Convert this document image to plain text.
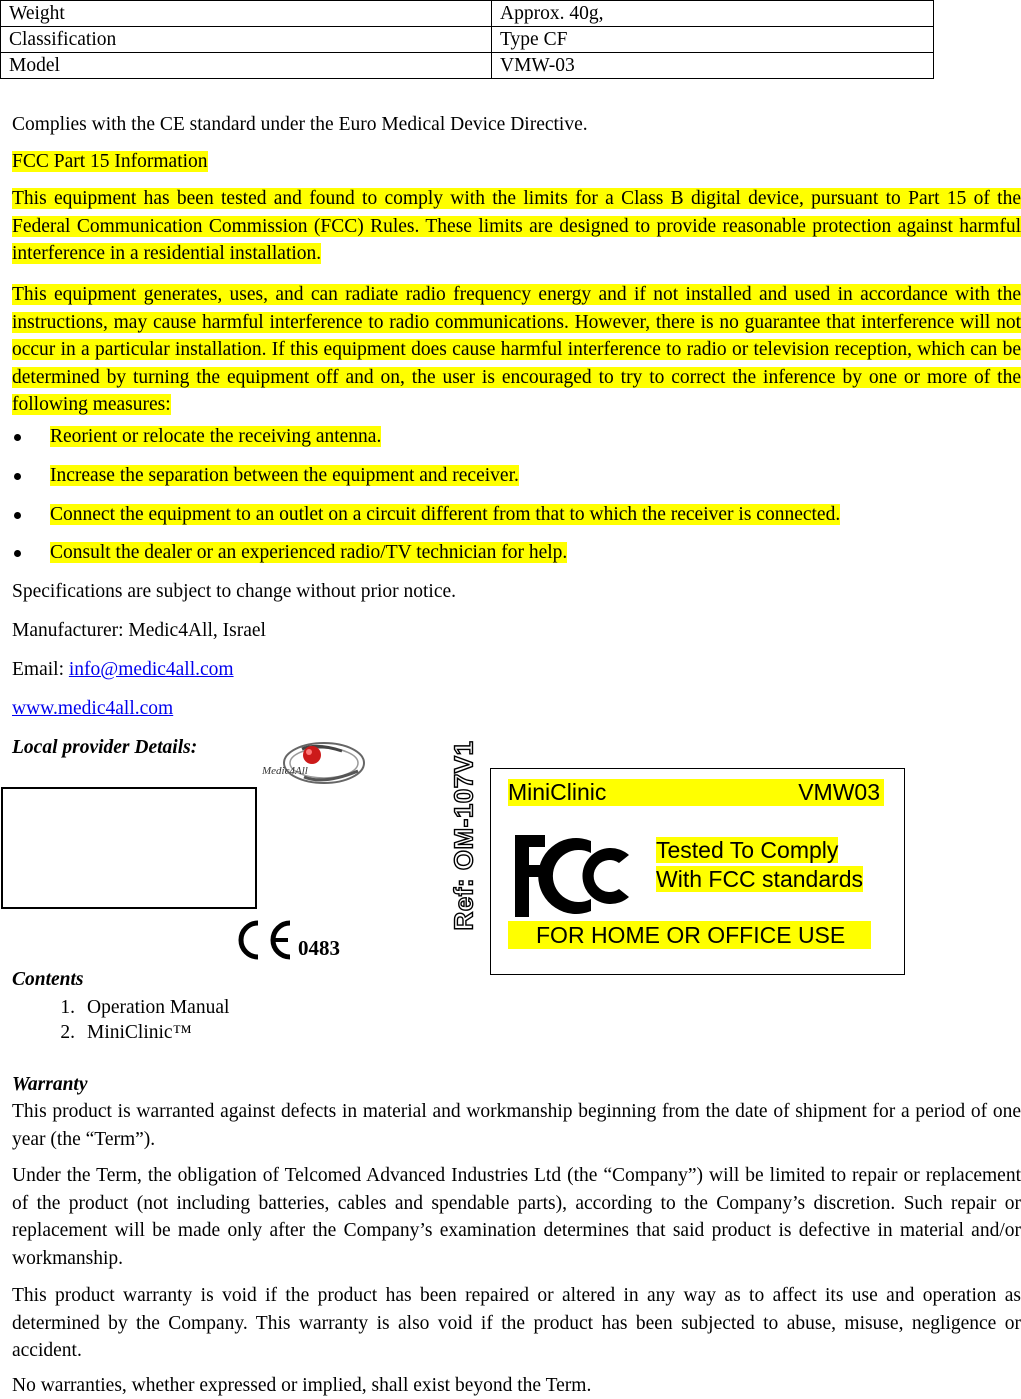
Weight	Approx. 40g,
Classification	Type CF
Model	VMW-03
Complies with the CE standard under the Euro Medical Device Directive.
FCC Part 15 Information

This equipment has been tested and found to comply with the limits for a Class B digital device, pursuant to Part 15 of the Federal Communication Commission (FCC) Rules. These limits are designed to provide reasonable protection against harmful interference in a residential installation.

This equipment generates, uses, and can radiate radio frequency energy and if not installed and used in accordance with the instructions, may cause harmful interference to radio communications. However, there is no guarantee that interference will not occur in a particular installation. If this equipment does cause harmful interference to radio or television reception, which can be determined by turning the equipment off and on, the user is encouraged to try to correct the inference by one or more of the following measures:

Reorient or relocate the receiving antenna.
Increase the separation between the equipment and receiver.
Connect the equipment to an outlet on a circuit different from that to which the receiver is connected.
Consult the dealer or an experienced radio/TV technician for help.
Specifications are subject to change without prior notice.
Manufacturer: Medic4All, Israel
Email: info@medic4all.com
www.medic4all.com
Local provider Details:
Medic4All	Ref: OM-107V1
0483
MiniClinic	VMW03
Tested To Comply
With FCC standards
FOR HOME OR OFFICE USE
Contents
1. Operation Manual
2. MiniClinic™
Warranty

This product is warranted against defects in material and workmanship beginning from the date of shipment for a period of one year (the “Term”).

Under the Term, the obligation of Telcomed Advanced Industries Ltd (the “Company”) will be limited to repair or replacement of the product (not including batteries, cables and spendable parts), according to the Company’s discretion. Such repair or replacement will be made only after the Company’s examination determines that said product is defective in material and/or workmanship.

This product warranty is void if the product has been repaired or altered in any way as to affect its use and operation as determined by the Company. This warranty is also void if the product has been subjected to abuse, misuse, negligence or accident.

No warranties, whether expressed or implied, shall exist beyond the Term.
